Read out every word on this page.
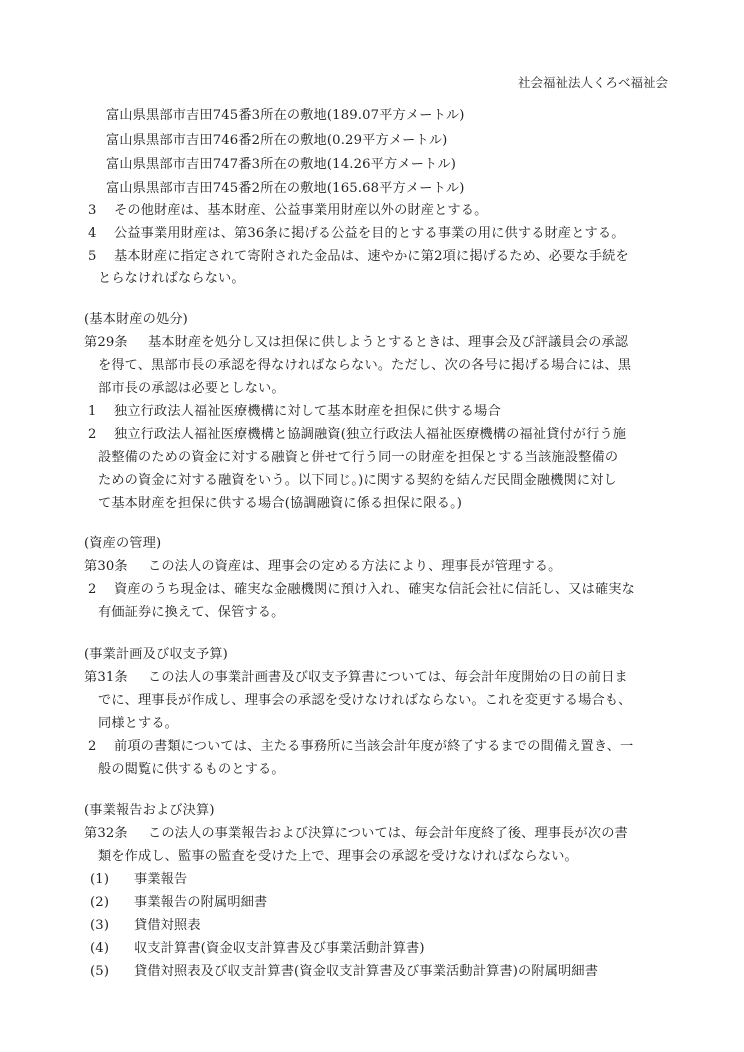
社会福祉法人くろべ福祉会
富山県黒部市吉田745番3所在の敷地(189.07平方メートル)
富山県黒部市吉田746番2所在の敷地(0.29平方メートル)
富山県黒部市吉田747番3所在の敷地(14.26平方メートル)
富山県黒部市吉田745番2所在の敷地(165.68平方メートル)
3 その他財産は、基本財産、公益事業用財産以外の財産とする。
4 公益事業用財産は、第36条に掲げる公益を目的とする事業の用に供する財産とする。
5 基本財産に指定されて寄附された金品は、速やかに第2項に掲げるため、必要な手続を
とらなければならない。
(基本財産の処分)
第29条 基本財産を処分し又は担保に供しようとするときは、理事会及び評議員会の承認
を得て、黒部市長の承認を得なければならない。ただし、次の各号に掲げる場合には、黒
部市長の承認は必要としない。
1 独立行政法人福祉医療機構に対して基本財産を担保に供する場合
2 独立行政法人福祉医療機構と協調融資(独立行政法人福祉医療機構の福祉貸付が行う施
設整備のための資金に対する融資と併せて行う同一の財産を担保とする当該施設整備の
ための資金に対する融資をいう。以下同じ。)に関する契約を結んだ民間金融機関に対し
て基本財産を担保に供する場合(協調融資に係る担保に限る。)
(資産の管理)
第30条 この法人の資産は、理事会の定める方法により、理事長が管理する。
2 資産のうち現金は、確実な金融機関に預け入れ、確実な信託会社に信託し、又は確実な
有価証券に換えて、保管する。
(事業計画及び収支予算)
第31条 この法人の事業計画書及び収支予算書については、毎会計年度開始の日の前日ま
でに、理事長が作成し、理事会の承認を受けなければならない。これを変更する場合も、
同様とする。
2 前項の書類については、主たる事務所に当該会計年度が終了するまでの間備え置き、一
般の閲覧に供するものとする。
(事業報告および決算)
第32条 この法人の事業報告および決算については、毎会計年度終了後、理事長が次の書
類を作成し、監事の監査を受けた上で、理事会の承認を受けなければならない。
(1) 事業報告
(2) 事業報告の附属明細書
(3) 貸借対照表
(4) 収支計算書(資金収支計算書及び事業活動計算書)
(5) 貸借対照表及び収支計算書(資金収支計算書及び事業活動計算書)の附属明細書
